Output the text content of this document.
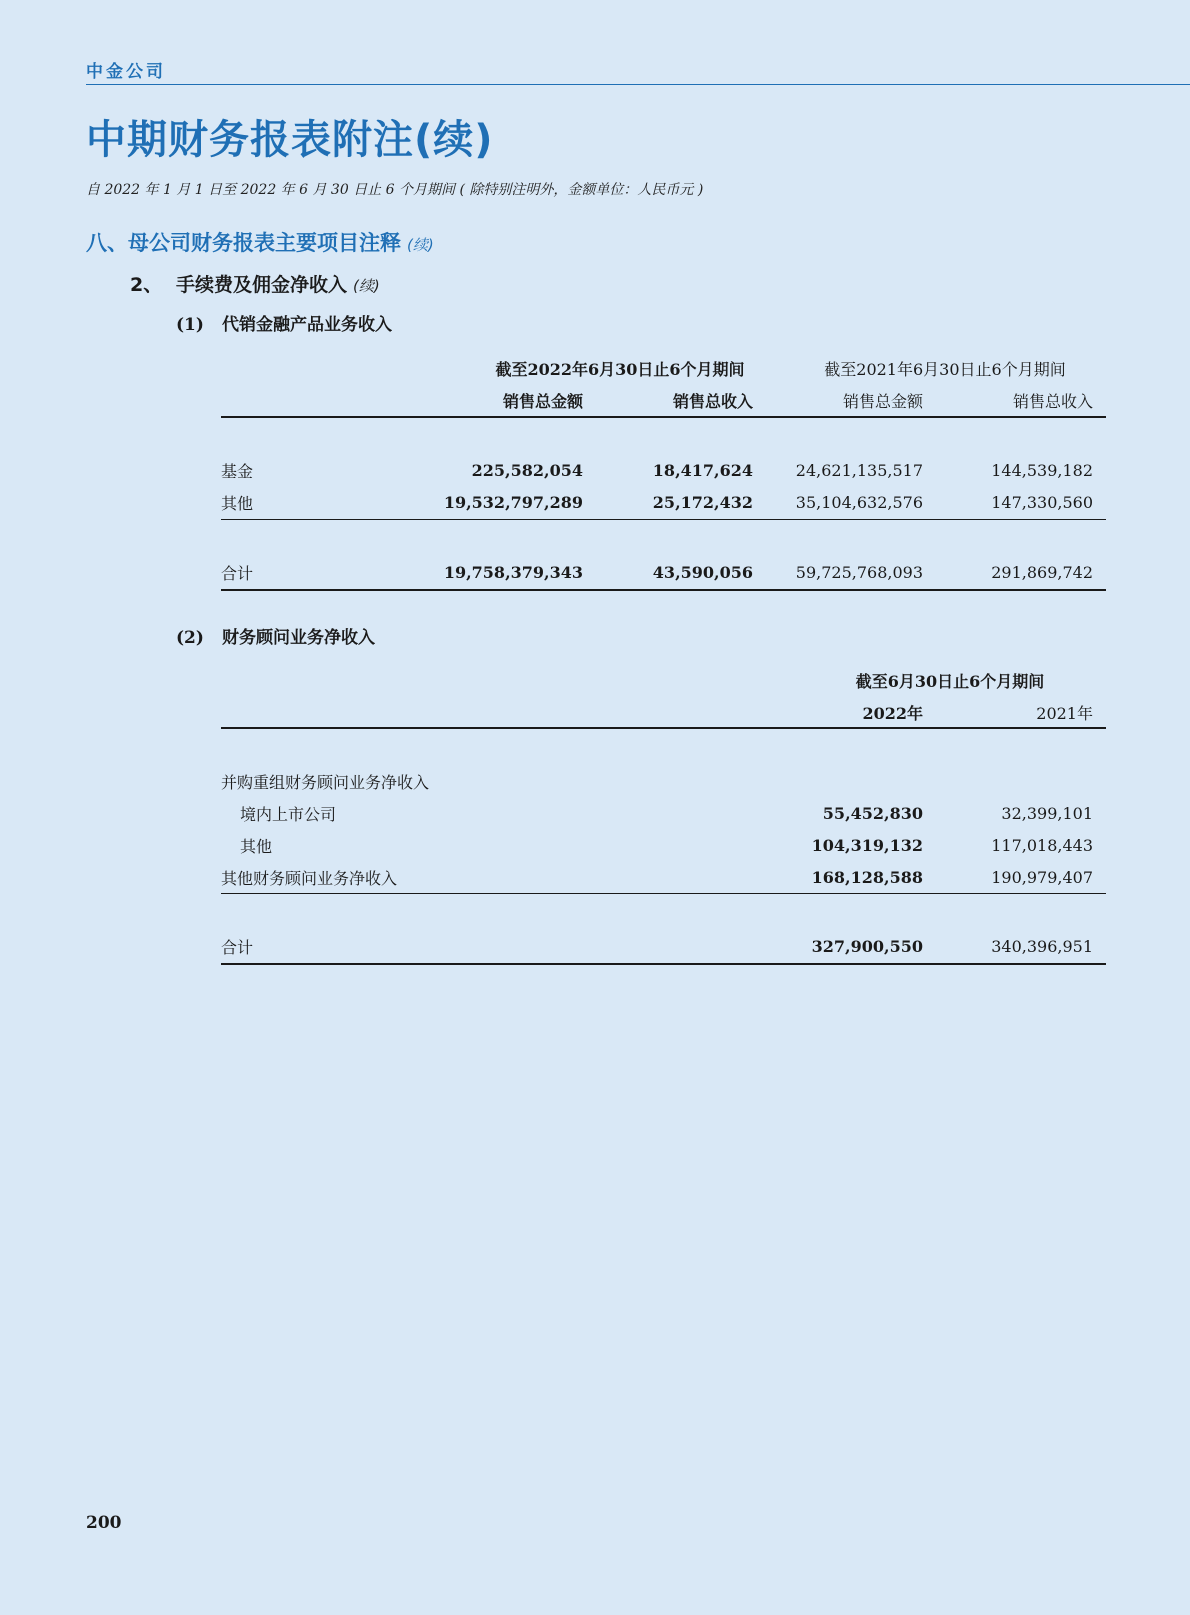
中金公司
中期财务报表附注(续)
自 2022 年 1 月 1 日至 2022 年 6 月 30 日止 6 个月期间 ( 除特别注明外，金额单位：人民币元 )
八、母公司财务报表主要项目注释 (续)
2、 手续费及佣金净收入 (续)
(1) 代销金融产品业务收入
截至2022年6月30日止6个月期间	截至2021年6月30日止6个月期间
销售总金额	销售总收入	销售总金额	销售总收入
基金	225,582,054	18,417,624	24,621,135,517	144,539,182
其他	19,532,797,289	25,172,432	35,104,632,576	147,330,560
合计	19,758,379,343	43,590,056	59,725,768,093	291,869,742
(2) 财务顾问业务净收入
截至6月30日止6个月期间
2022年	2021年
并购重组财务顾问业务净收入
境内上市公司	55,452,830	32,399,101
其他	104,319,132	117,018,443
其他财务顾问业务净收入	168,128,588	190,979,407
合计	327,900,550	340,396,951
200
